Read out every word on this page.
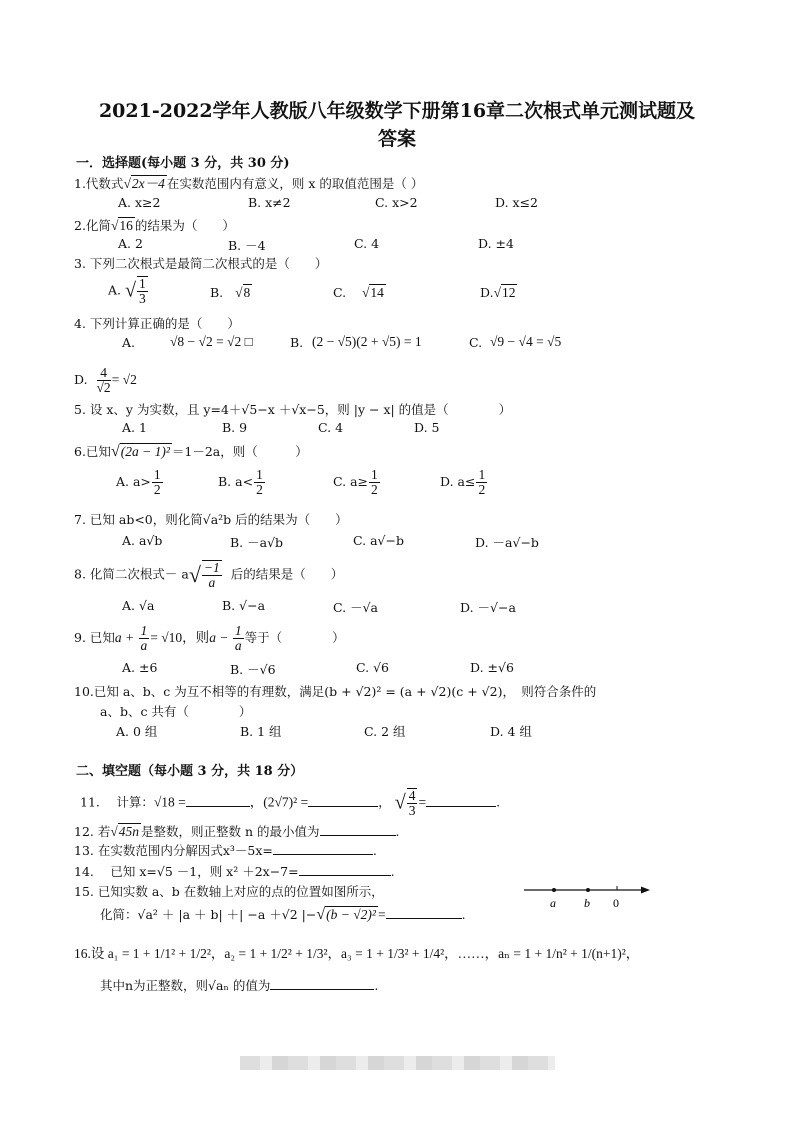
2021-2022学年人教版八年级数学下册第16章二次根式单元测试题及
答案
一．选择题(每小题 3 分，共 30 分)
1.代数式 √ 2x－4 在实数范围内有意义，则 x 的取值范围是（ ）
A. x≥2	B. x≠2	C. x>2	D. x≤2
2.化简 √ 16 的结果为（　　）
A. 2	B. －4	C. 4	D. ±4
3. 下列二次根式是最简二次根式的是（　　）
A. √ $\frac{1}{3}$	B. √ 8	C. √ 14	D. √ 12
4. 下列计算正确的是（　　）
A. √	8 − √2 = √2 □	B. (2 − √5)(2 + √5) = 1	C. √	9 − √4 = √5
D. $\frac{4}{√2} = √2$
5. 设 x、y 为实数，且 y=4＋√5−x ＋√x−5，则 |y − x| 的值是（　　　　）
A. 1	B. 9	C. 4	D. 5
6.已知 √ (2a − 1)² ＝1－2a，则（　　　）
A. $a> \frac{1}{2}$	B. $a< \frac{1}{2}$	C. $a\ge \frac{1}{2}$	D. $a\le \frac{1}{2}$
7. 已知 ab<0，则化简√a²b 后的结果为（　　）
A. a√b	B. －a√b	C. a√−b	D. －a√−b
8. 化简二次根式－ $a√ \frac{-1}{a}$ 后的结果是（　　）
A. √a	B. √−a	C. －√a	D. －√−a
9. 已知$a + \frac{1}{a} = √10$，则$a - \frac{1}{a}$ 等于（　　　　）
A. ±6	B. －√6	C. √6	D. ±√6
10.已知 a、b、c 为互不相等的有理数，满足(b + √2)² = (a + √2)(c + √2)，　则符合条件的
a、b、c 共有（　　　　）
A. 0 组	B. 1 组	C. 2 组	D. 4 组
二、填空题（每小题 3 分，共 18 分）
11.　 计算：√18 =	，(2√7)² =	， √ $\frac{4}{3}$ =	.
12. 若 √ 45n 是整数，则正整数 n 的最小值为	.
13. 在实数范围内分解因式x³－5x=	.
14.　 已知 x=√5 －1，则 x² ＋2x−7=	.
15. 已知实数 a、b 在数轴上对应的点的位置如图所示，
化简：√a² ＋ |a ＋ b| ＋| −a ＋√2 |−√(b − √2)² =	.
a b 0
16.设 a₁ = 1 + 1/1² + 1/2²，a₂ = 1 + 1/2² + 1/3²，a₃ = 1 + 1/3² + 1/4²，……，aₙ = 1 + 1/n² + 1/(n+1)²，
其中n为正整数，则√aₙ 的值为	.
